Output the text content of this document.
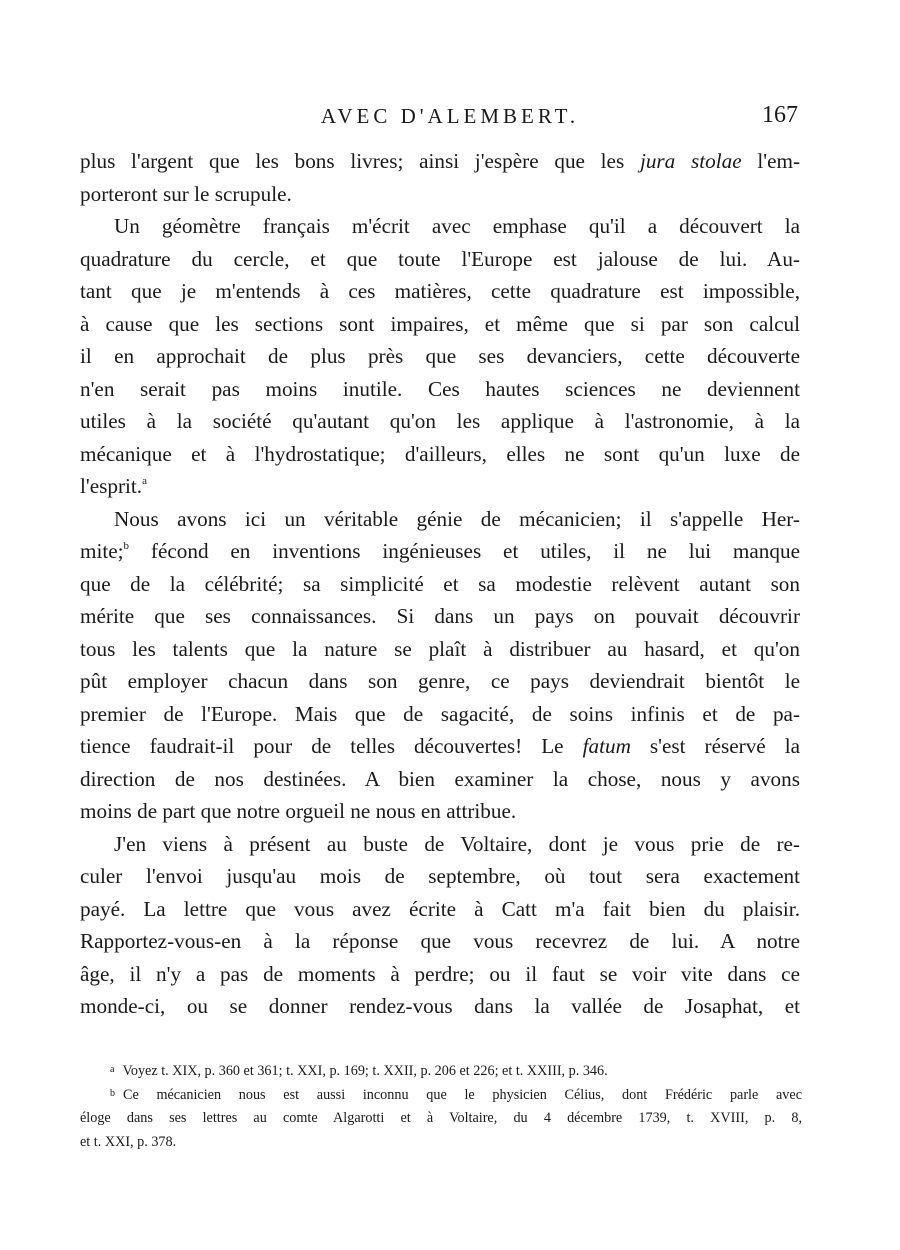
AVEC D'ALEMBERT.	167

plus l'argent que les bons livres; ainsi j'espère que les jura stolae l'em-
porteront sur le scrupule.

Un géomètre français m'écrit avec emphase qu'il a découvert la
quadrature du cercle, et que toute l'Europe est jalouse de lui. Au-
tant que je m'entends à ces matières, cette quadrature est impossible,
à cause que les sections sont impaires, et même que si par son calcul
il en approchait de plus près que ses devanciers, cette découverte
n'en serait pas moins inutile. Ces hautes sciences ne deviennent
utiles à la société qu'autant qu'on les applique à l'astronomie, à la
mécanique et à l'hydrostatique; d'ailleurs, elles ne sont qu'un luxe de
l'esprit.$^a$

Nous avons ici un véritable génie de mécanicien; il s'appelle Her-
mite;$^b$ fécond en inventions ingénieuses et utiles, il ne lui manque
que de la célébrité; sa simplicité et sa modestie relèvent autant son
mérite que ses connaissances. Si dans un pays on pouvait découvrir
tous les talents que la nature se plaît à distribuer au hasard, et qu'on
pût employer chacun dans son genre, ce pays deviendrait bientôt le
premier de l'Europe. Mais que de sagacité, de soins infinis et de pa-
tience faudrait-il pour de telles découvertes! Le fatum s'est réservé la
direction de nos destinées. A bien examiner la chose, nous y avons
moins de part que notre orgueil ne nous en attribue.

J'en viens à présent au buste de Voltaire, dont je vous prie de re-
culer l'envoi jusqu'au mois de septembre, où tout sera exactement
payé. La lettre que vous avez écrite à Catt m'a fait bien du plaisir.
Rapportez-vous-en à la réponse que vous recevrez de lui. A notre
âge, il n'y a pas de moments à perdre; ou il faut se voir vite dans ce
monde-ci, ou se donner rendez-vous dans la vallée de Josaphat, et

$^a$ Voyez t. XIX, p. 360 et 361; t. XXI, p. 169; t. XXII, p. 206 et 226; et t. XXIII, p. 346.
$^b$ Ce mécanicien nous est aussi inconnu que le physicien Célius, dont Frédéric parle avec
éloge dans ses lettres au comte Algarotti et à Voltaire, du 4 décembre 1739, t. XVIII, p. 8,
et t. XXI, p. 378.
